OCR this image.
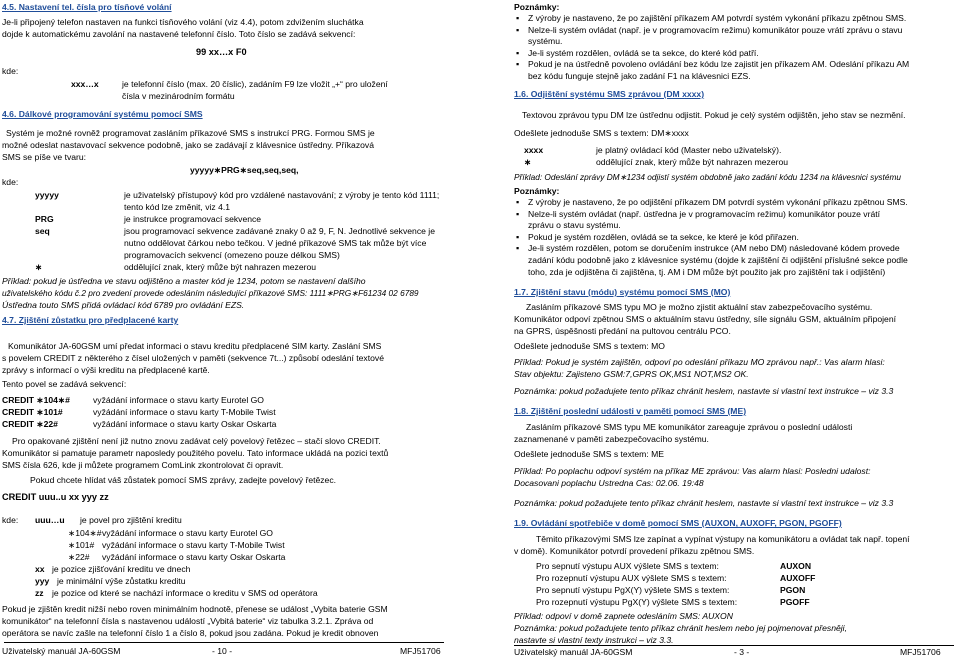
4.5. Nastavení tel. čísla pro tísňové volání

Je-li připojený telefon nastaven na funkci tísňového volání (viz 4.4), potom zdvižením sluchátka

dojde k automatickému zavolání na nastavené telefonní číslo. Toto číslo se zadává sekvencí:

99 xx…x F0

kde:

xxx…x	je telefonní číslo (max. 20 číslic), zadáním F9 lze vložit „+“ pro uložení

čísla v mezinárodním formátu

4.6. Dálkové programování systému pomocí SMS

Systém je možné rovněž programovat zasláním příkazové SMS s instrukcí PRG. Formou SMS je

možné odeslat nastavovací sekvence podobně, jako se zadávají z klávesnice ústředny. Příkazová

SMS se píše ve tvaru:

yyyyy∗PRG∗seq,seq,seq,

kde:

yyyyy	je uživatelský přístupový kód pro vzdálené nastavování; z výroby je tento kód 1111;

tento kód lze změnit, viz 4.1

PRG	je instrukce programovací sekvence

seq	jsou programovací sekvence zadávané znaky 0 až 9, F, N. Jednotlivé sekvence je

nutno oddělovat čárkou nebo tečkou. V jedné příkazové SMS tak může být více

programovacích sekvencí (omezeno pouze délkou SMS)

∗	oddělující znak, který může být nahrazen mezerou

Příklad: pokud je ústředna ve stavu odjištěno a master kód je 1234, potom se nastavení dalšího

uživatelského kódu č.2 pro zvedení provede odesláním následující příkazové SMS: 1111∗PRG∗F61234 02 6789

Ústředna touto SMS přidá ovládací kód 6789 pro ovládání EZS.

4.7. Zjištění zůstatku pro předplacené karty

Komunikátor JA-60GSM umí předat informaci o stavu kreditu předplacené SIM karty. Zaslání SMS

s povelem CREDIT z některého z čísel uložených v paměti (sekvence 7t...) způsobí odeslání textové

zprávy s informací o výši kreditu na předplacené kartě.

Tento povel se zadává sekvencí:

CREDIT ∗104∗#	vyžádání informace o stavu karty Eurotel GO

CREDIT ∗101#	vyžádání informace o stavu karty T-Mobile Twist

CREDIT ∗22#	vyžádání informace o stavu karty Oskar Oskarta

Pro opakované zjištění není již nutno znovu zadávat celý povelový řetězec – stačí slovo CREDIT.

Komunikátor si pamatuje parametr naposledy použitého povelu. Tato informace ukládá na pozici textů

SMS čísla 626, kde ji můžete programem ComLink zkontrolovat či opravit.

Pokud chcete hlídat váš zůstatek pomocí SMS zprávy, zadejte povelový řetězec.

CREDIT uuu..u xx yyy zz

kde: uuu…u je povel pro zjištění kreditu

∗104∗# vyžádání informace o stavu karty Eurotel GO

∗101# vyžádání informace o stavu karty T-Mobile Twist

∗22# vyžádání informace o stavu karty Oskar Oskarta

xx je pozice zjišťování kreditu ve dnech

yyy je minimální výše zůstatku kreditu

zz je pozice od které se nachází informace o kreditu v SMS od operátora

Pokud je zjištěn kredit nižší nebo roven minimálním hodnotě, přenese se událost „Vybita baterie GSM

komunikátor“ na telefonní čísla s nastavenou událostí „Vybitá baterie“ viz tabulka 3.2.1. Zpráva od

operátora se navíc zašle na telefonní číslo 1 a číslo 8, pokud jsou zadána. Pokud je kredit obnoven

Uživatelský manuál JA-60GSM	- 10 -	MFJ51706

Poznámky:

▪ Z výroby je nastaveno, že po zajištění příkazem AM potvrdí systém vykonání příkazu zpětnou SMS.
▪ Nelze-li systém ovládat (např. je v programovacím režimu) komunikátor pouze vrátí zprávu o stavu
systému.
▪ Je-li systém rozdělen, ovládá se ta sekce, do které kód patří.
▪ Pokud je na ústředně povoleno ovládání bez kódu lze zajistit jen příkazem AM. Odeslání příkazu AM
bez kódu funguje stejně jako zadání F1 na klávesnici EZS.

1.6. Odjištění systému SMS zprávou (DM xxxx)

Textovou zprávou typu DM lze ústřednu odjistit. Pokud je celý systém odjištěn, jeho stav se nezmění.

Odešlete jednoduše SMS s textem: DM∗xxxx

xxxx	je platný ovládací kód (Master nebo uživatelský).

∗	oddělující znak, který může být nahrazen mezerou

Příklad: Odeslání zprávy DM∗1234 odjistí systém obdobně jako zadání kódu 1234 na klávesnici systému

Poznámky:

▪ Z výroby je nastaveno, že po odjištění příkazem DM potvrdí systém vykonání příkazu zpětnou SMS.
▪ Nelze-li systém ovládat (např. ústředna je v programovacím režimu) komunikátor pouze vrátí
zprávu o stavu systému.
▪ Pokud je systém rozdělen, ovládá se ta sekce, ke které je kód přiřazen.
▪ Je-li systém rozdělen, potom se doručením instrukce (AM nebo DM) následované kódem provede
zadání kódu podobně jako z klávesnice systému (dojde k zajištění či odjištění příslušné sekce podle
toho, zda je odjištěna či zajištěna, tj. AM i DM může být použito jak pro zajištění tak i odjištění)

1.7. Zjištění stavu (módu) systému pomocí SMS (MO)

Zasláním příkazové SMS typu MO je možno zjistit aktuální stav zabezpečovacího systému.

Komunikátor odpoví zpětnou SMS o aktuálním stavu ústředny, síle signálu GSM, aktuálním připojení

na GPRS, úspěšnosti předání na pultovou centrálu PCO.

Odešlete jednoduše SMS s textem: MO

Příklad: Pokud je systém zajištěn, odpoví po odeslání příkazu MO zprávou např.: Vas alarm hlasi:

Stav objektu: Zajisteno GSM:7,GPRS OK,MS1 NOT,MS2 OK.

Poznámka: pokud požadujete tento příkaz chránit heslem, nastavte si vlastní text instrukce – viz 3.3

1.8. Zjištění poslední události v paměti pomocí SMS (ME)

Zasláním příkazové SMS typu ME komunikátor zareaguje zprávou o poslední události

zaznamenané v paměti zabezpečovacího systému.

Odešlete jednoduše SMS s textem: ME

Příklad: Po poplachu odpoví systém na příkaz ME zprávou: Vas alarm hlasi: Posledni udalost:

Docasovani poplachu Ustredna Cas: 02.06. 19:48

Poznámka: pokud požadujete tento příkaz chránit heslem, nastavte si vlastní text instrukce – viz 3.3

1.9. Ovládání spotřebiče v domě pomocí SMS (AUXON, AUXOFF, PGON, PGOFF)

Těmito příkazovými SMS lze zapínat a vypínat výstupy na komunikátoru a ovládat tak např. topení

v domě). Komunikátor potvrdí provedení příkazu zpětnou SMS.

Pro sepnutí výstupu AUX výšlete SMS s textem:	AUXON

Pro rozepnutí výstupu AUX výšlete SMS s textem:	AUXOFF

Pro sepnutí výstupu PgX(Y) výšlete SMS s textem:	PGON

Pro rozepnutí výstupu PgX(Y) výšlete SMS s textem:	PGOFF

Příklad: odpoví v domě zapnete odesláním SMS: AUXON

Poznámka: pokud požadujete tento příkaz chránit heslem nebo jej pojmenovat přesněji,

nastavte si vlastní texty instrukci – viz 3.3.

Uživatelský manuál JA-60GSM	- 3 -	MFJ51706
